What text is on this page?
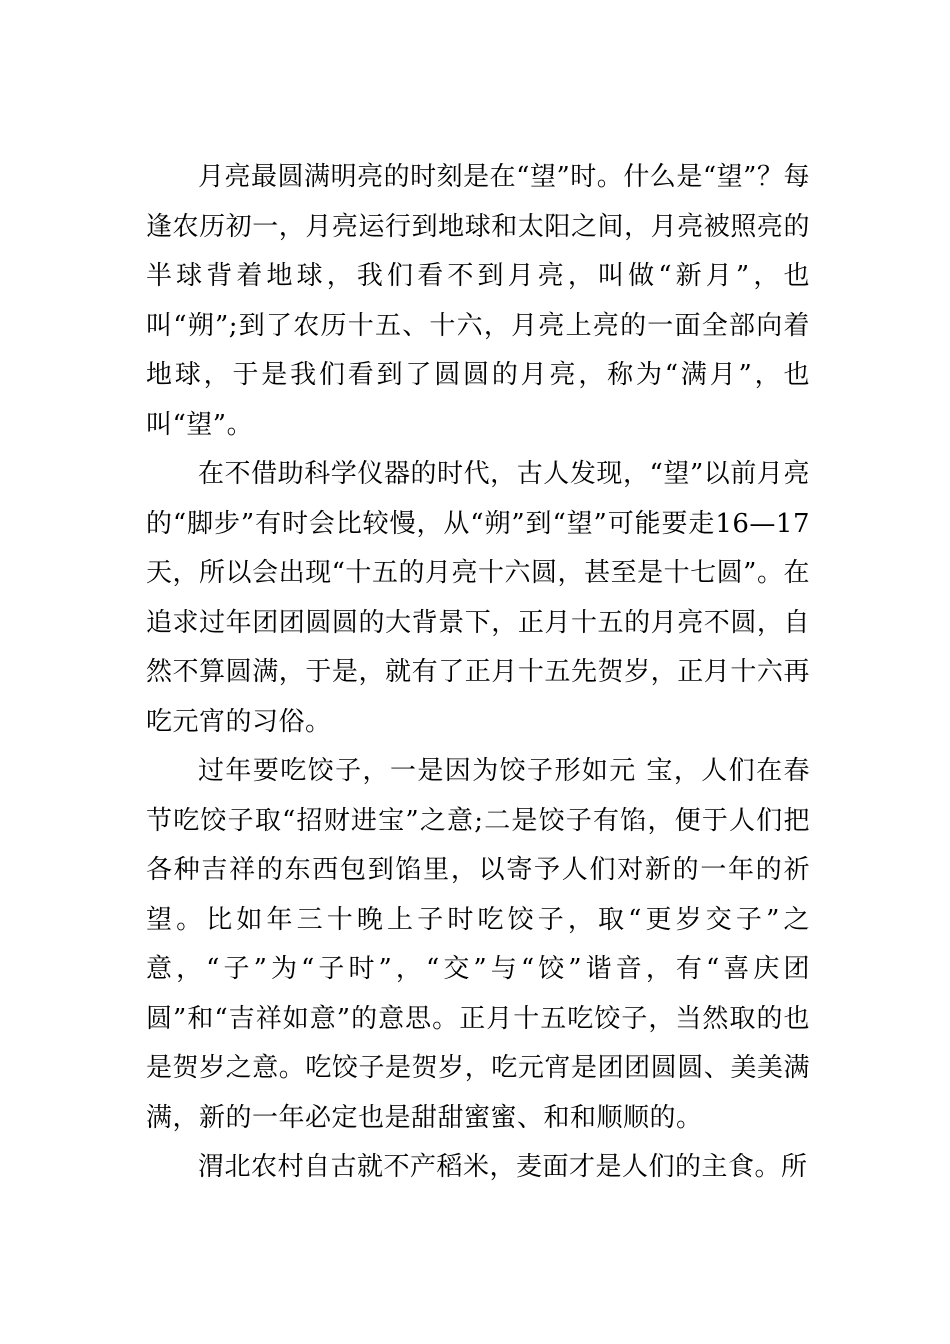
月亮最圆满明亮的时刻是在“望”时。什么是“望”？每逢农历初一，月亮运行到地球和太阳之间，月亮被照亮的半球背着地球，我们看不到月亮，叫做“新月”，也叫“朔”;到了农历十五、十六，月亮上亮的一面全部向着地球，于是我们看到了圆圆的月亮，称为“满月”，也叫“望”。

在不借助科学仪器的时代，古人发现，“望”以前月亮的“脚步”有时会比较慢，从“朔”到“望”可能要走16—17天，所以会出现“十五的月亮十六圆，甚至是十七圆”。在追求过年团团圆圆的大背景下，正月十五的月亮不圆，自然不算圆满，于是，就有了正月十五先贺岁，正月十六再吃元宵的习俗。

过年要吃饺子，一是因为饺子形如元 宝，人们在春节吃饺子取“招财进宝”之意;二是饺子有馅，便于人们把各种吉祥的东西包到馅里，以寄予人们对新的一年的祈望。比如年三十晚上子时吃饺子，取“更岁交子”之意，“子”为“子时”，“交”与“饺”谐音，有“喜庆团圆”和“吉祥如意”的意思。正月十五吃饺子，当然取的也是贺岁之意。吃饺子是贺岁，吃元宵是团团圆圆、美美满满，新的一年必定也是甜甜蜜蜜、和和顺顺的。

渭北农村自古就不产稻米，麦面才是人们的主食。所
